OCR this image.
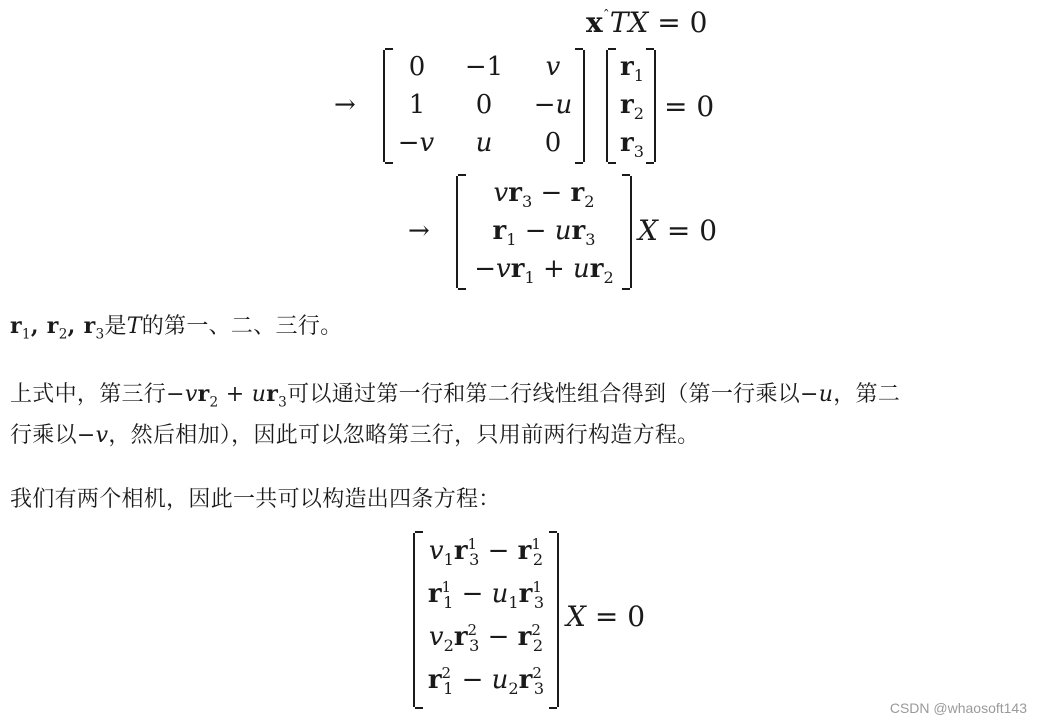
$x^ˆTX = 0$
→
0	−1	v
1	0	−u
−v	u	0
$r_1$
$r_2$
$r_3$
= 0
→
$vr_3 - r_2$
$r_1 - ur_3$
$-vr_1 + ur_2$
X = 0
$r_1$, $r_2$, $r_3$是T的第一、二、三行。
上式中，第三行$-vr_2 + ur_3$可以通过第一行和第二行线性组合得到（第一行乘以−u，第二
行乘以−v，然后相加），因此可以忽略第三行，只用前两行构造方程。
我们有两个相机，因此一共可以构造出四条方程：
$v_1r^1_3 - r^1_2$
$r^1_1 - u_1r^1_3$
$v_2r^2_3 - r^2_2$
$r^2_1 - u_2r^2_3$
X = 0
CSDN @whaosoft143
